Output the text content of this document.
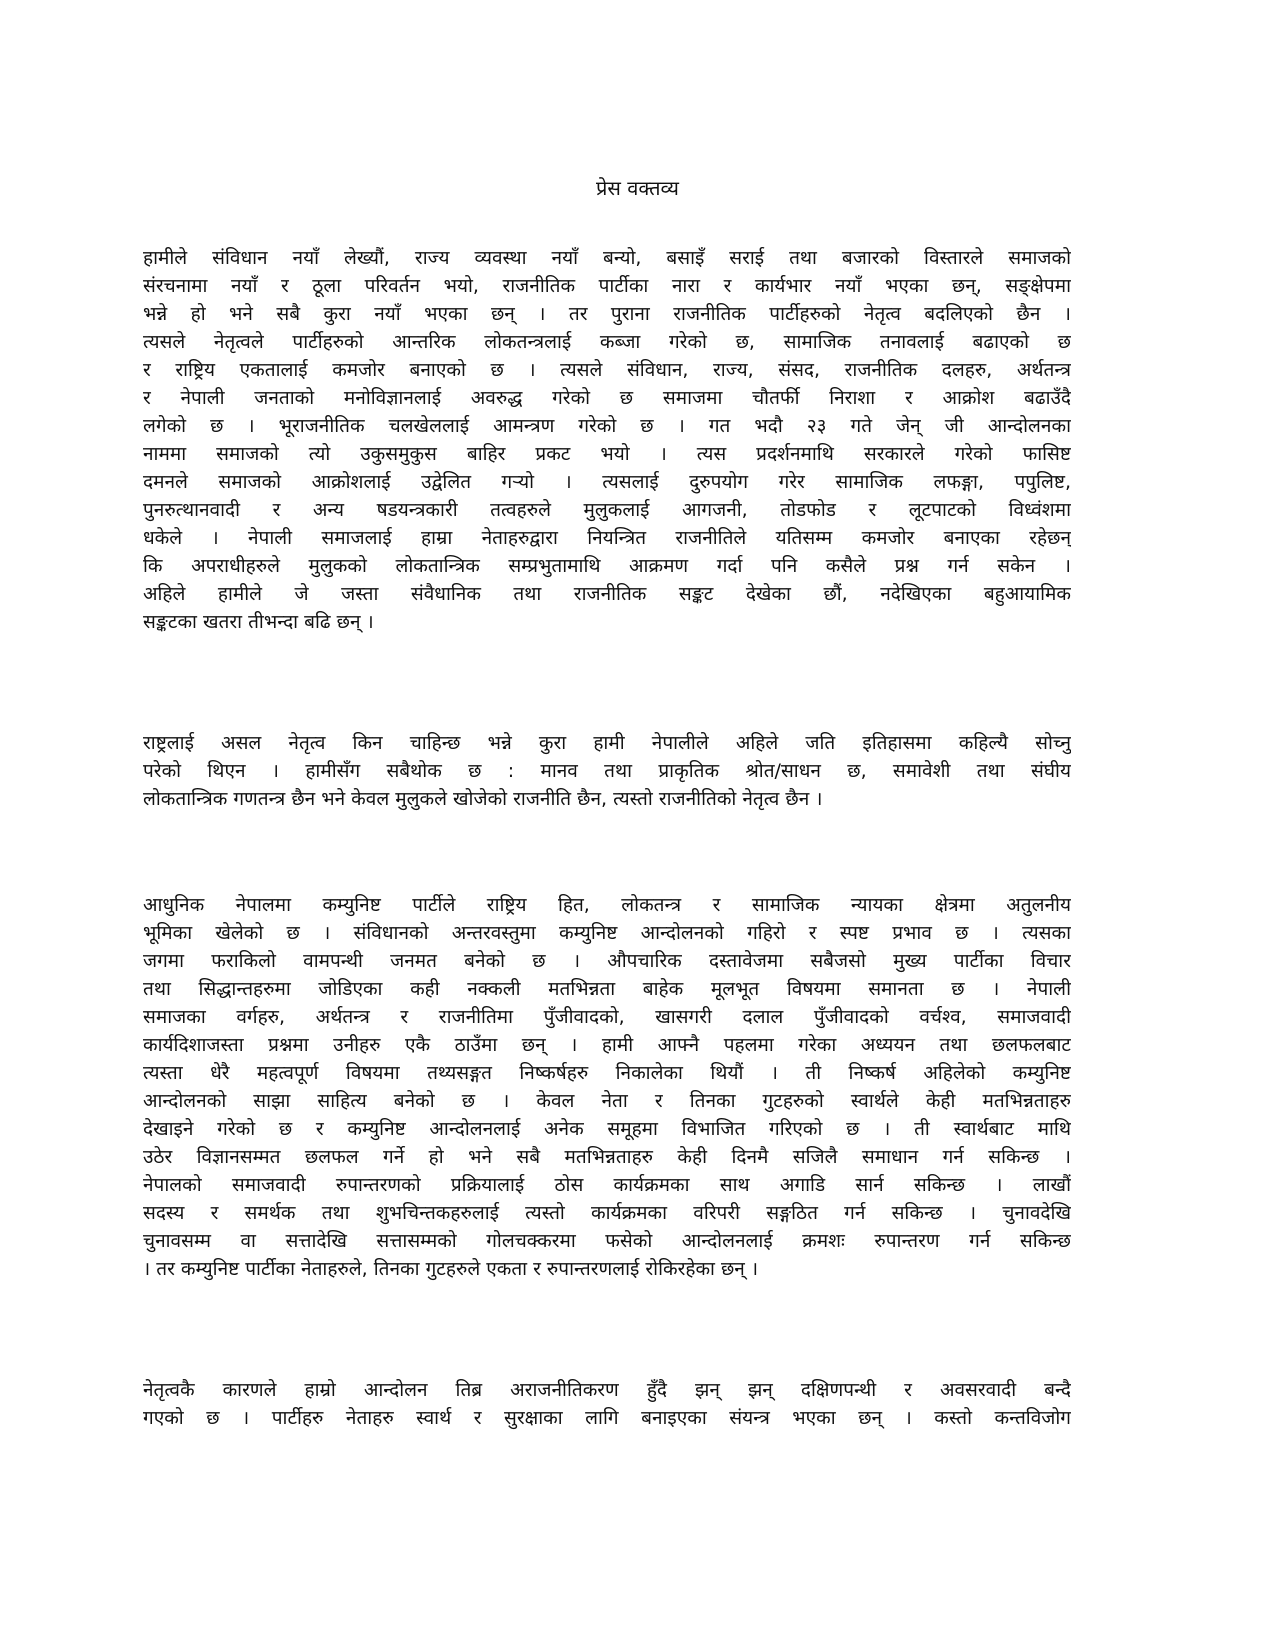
प्रेस वक्तव्य
हामीले संविधान नयाँ लेख्यौं, राज्य व्यवस्था नयाँ बन्यो, बसाइँ सराई तथा बजारको विस्तारले समाजको
संरचनामा नयाँ र ठूला परिवर्तन भयो, राजनीतिक पार्टीका नारा र कार्यभार नयाँ भएका छन्, सङ्क्षेपमा
भन्ने हो भने सबै कुरा नयाँ भएका छन् । तर पुराना राजनीतिक पार्टीहरुको नेतृत्व बदलिएको छैन ।
त्यसले नेतृत्वले पार्टीहरुको आन्तरिक लोकतन्त्रलाई कब्जा गरेको छ, सामाजिक तनावलाई बढाएको छ
र राष्ट्रिय एकतालाई कमजोर बनाएको छ । त्यसले संविधान, राज्य, संसद, राजनीतिक दलहरु, अर्थतन्त्र
र नेपाली जनताको मनोविज्ञानलाई अवरुद्ध गरेको छ समाजमा चौतर्फी निराशा र आक्रोश बढाउँदै
लगेको छ । भूराजनीतिक चलखेललाई आमन्त्रण गरेको छ । गत भदौ २३ गते जेन् जी आन्दोलनका
नाममा समाजको त्यो उकुसमुकुस बाहिर प्रकट भयो । त्यस प्रदर्शनमाथि सरकारले गरेको फासिष्ट
दमनले समाजको आक्रोशलाई उद्वेलित गऱ्यो । त्यसलाई दुरुपयोग गरेर सामाजिक लफङ्गा, पपुलिष्ट,
पुनरुत्थानवादी र अन्य षडयन्त्रकारी तत्वहरुले मुलुकलाई आगजनी, तोडफोड र लूटपाटको विध्वंशमा
धकेले । नेपाली समाजलाई हाम्रा नेताहरुद्वारा नियन्त्रित राजनीतिले यतिसम्म कमजोर बनाएका रहेछन्
कि अपराधीहरुले मुलुकको लोकतान्त्रिक सम्प्रभुतामाथि आक्रमण गर्दा पनि कसैले प्रश्न गर्न सकेन ।
अहिले हामीले जे जस्ता संवैधानिक तथा राजनीतिक सङ्कट देखेका छौं, नदेखिएका बहुआयामिक
सङ्कटका खतरा तीभन्दा बढि छन् ।
राष्ट्रलाई असल नेतृत्व किन चाहिन्छ भन्ने कुरा हामी नेपालीले अहिले जति इतिहासमा कहिल्यै सोच्नु
परेको थिएन । हामीसँग सबैथोक छ : मानव तथा प्राकृतिक श्रोत/साधन छ, समावेशी तथा संघीय
लोकतान्त्रिक गणतन्त्र छैन भने केवल मुलुकले खोजेको राजनीति छैन, त्यस्तो राजनीतिको नेतृत्व छैन ।
आधुनिक नेपालमा कम्युनिष्ट पार्टीले राष्ट्रिय हित, लोकतन्त्र र सामाजिक न्यायका क्षेत्रमा अतुलनीय
भूमिका खेलेको छ । संविधानको अन्तरवस्तुमा कम्युनिष्ट आन्दोलनको गहिरो र स्पष्ट प्रभाव छ । त्यसका
जगमा फराकिलो वामपन्थी जनमत बनेको छ । औपचारिक दस्तावेजमा सबैजसो मुख्य पार्टीका विचार
तथा सिद्धान्तहरुमा जोडिएका कही नक्कली मतभिन्नता बाहेक मूलभूत विषयमा समानता छ । नेपाली
समाजका वर्गहरु, अर्थतन्त्र र राजनीतिमा पुँजीवादको, खासगरी दलाल पुँजीवादको वर्चश्व, समाजवादी
कार्यदिशाजस्ता प्रश्नमा उनीहरु एकै ठाउँमा छन् । हामी आफ्नै पहलमा गरेका अध्ययन तथा छलफलबाट
त्यस्ता धेरै महत्वपूर्ण विषयमा तथ्यसङ्गत निष्कर्षहरु निकालेका थियौं । ती निष्कर्ष अहिलेको कम्युनिष्ट
आन्दोलनको साझा साहित्य बनेको छ । केवल नेता र तिनका गुटहरुको स्वार्थले केही मतभिन्नताहरु
देखाइने गरेको छ र कम्युनिष्ट आन्दोलनलाई अनेक समूहमा विभाजित गरिएको छ । ती स्वार्थबाट माथि
उठेर विज्ञानसम्मत छलफल गर्ने हो भने सबै मतभिन्नताहरु केही दिनमै सजिलै समाधान गर्न सकिन्छ ।
नेपालको समाजवादी रुपान्तरणको प्रक्रियालाई ठोस कार्यक्रमका साथ अगाडि सार्न सकिन्छ । लाखौं
सदस्य र समर्थक तथा शुभचिन्तकहरुलाई त्यस्तो कार्यक्रमका वरिपरी सङ्गठित गर्न सकिन्छ । चुनावदेखि
चुनावसम्म वा सत्तादेखि सत्तासम्मको गोलचक्करमा फसेको आन्दोलनलाई क्रमशः रुपान्तरण गर्न सकिन्छ
। तर कम्युनिष्ट पार्टीका नेताहरुले, तिनका गुटहरुले एकता र रुपान्तरणलाई रोकिरहेका छन् ।
नेतृत्वकै कारणले हाम्रो आन्दोलन तिब्र अराजनीतिकरण हुँदै झन् झन् दक्षिणपन्थी र अवसरवादी बन्दै
गएको छ । पार्टीहरु नेताहरु स्वार्थ र सुरक्षाका लागि बनाइएका संयन्त्र भएका छन् । कस्तो कन्तविजोग
